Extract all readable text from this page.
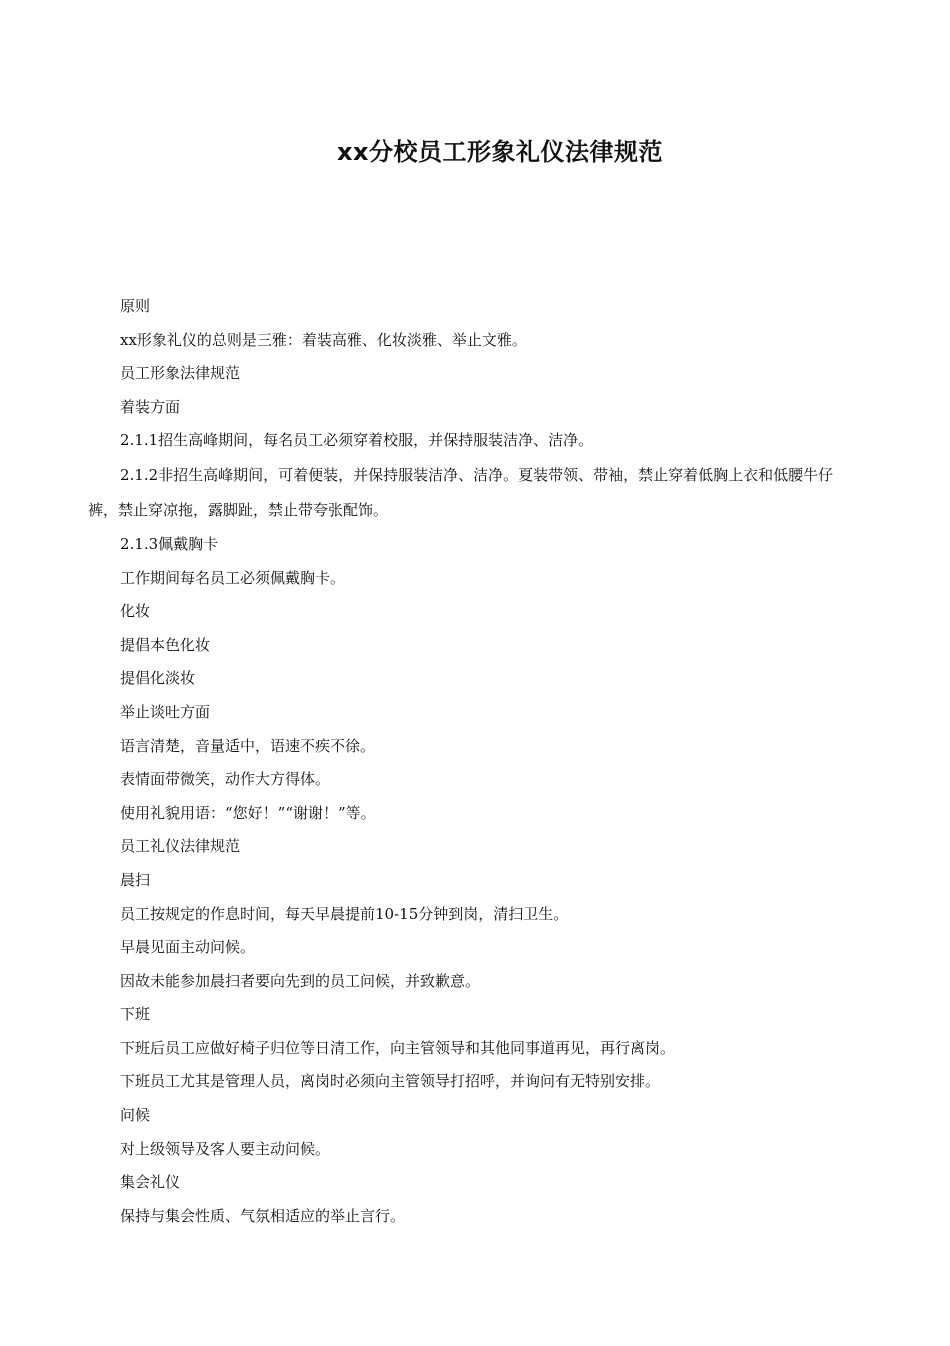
xx分校员工形象礼仪法律规范

原则

xx形象礼仪的总则是三雅：着装高雅、化妆淡雅、举止文雅。

员工形象法律规范

着装方面

2.1.1招生高峰期间，每名员工必须穿着校服，并保持服装洁净、洁净。

2.1.2非招生高峰期间，可着便装，并保持服装洁净、洁净。夏装带领、带袖，禁止穿着低胸上衣和低腰牛仔裤，禁止穿凉拖，露脚趾，禁止带夸张配饰。

2.1.3佩戴胸卡

工作期间每名员工必须佩戴胸卡。

化妆

提倡本色化妆

提倡化淡妆

举止谈吐方面

语言清楚，音量适中，语速不疾不徐。

表情面带微笑，动作大方得体。

使用礼貌用语：“您好！”“谢谢！”等。

员工礼仪法律规范

晨扫

员工按规定的作息时间，每天早晨提前10-15分钟到岗，清扫卫生。

早晨见面主动问候。

因故未能参加晨扫者要向先到的员工问候，并致歉意。

下班

下班后员工应做好椅子归位等日清工作，向主管领导和其他同事道再见，再行离岗。

下班员工尤其是管理人员，离岗时必须向主管领导打招呼，并询问有无特别安排。

问候

对上级领导及客人要主动问候。

集会礼仪

保持与集会性质、气氛相适应的举止言行。
